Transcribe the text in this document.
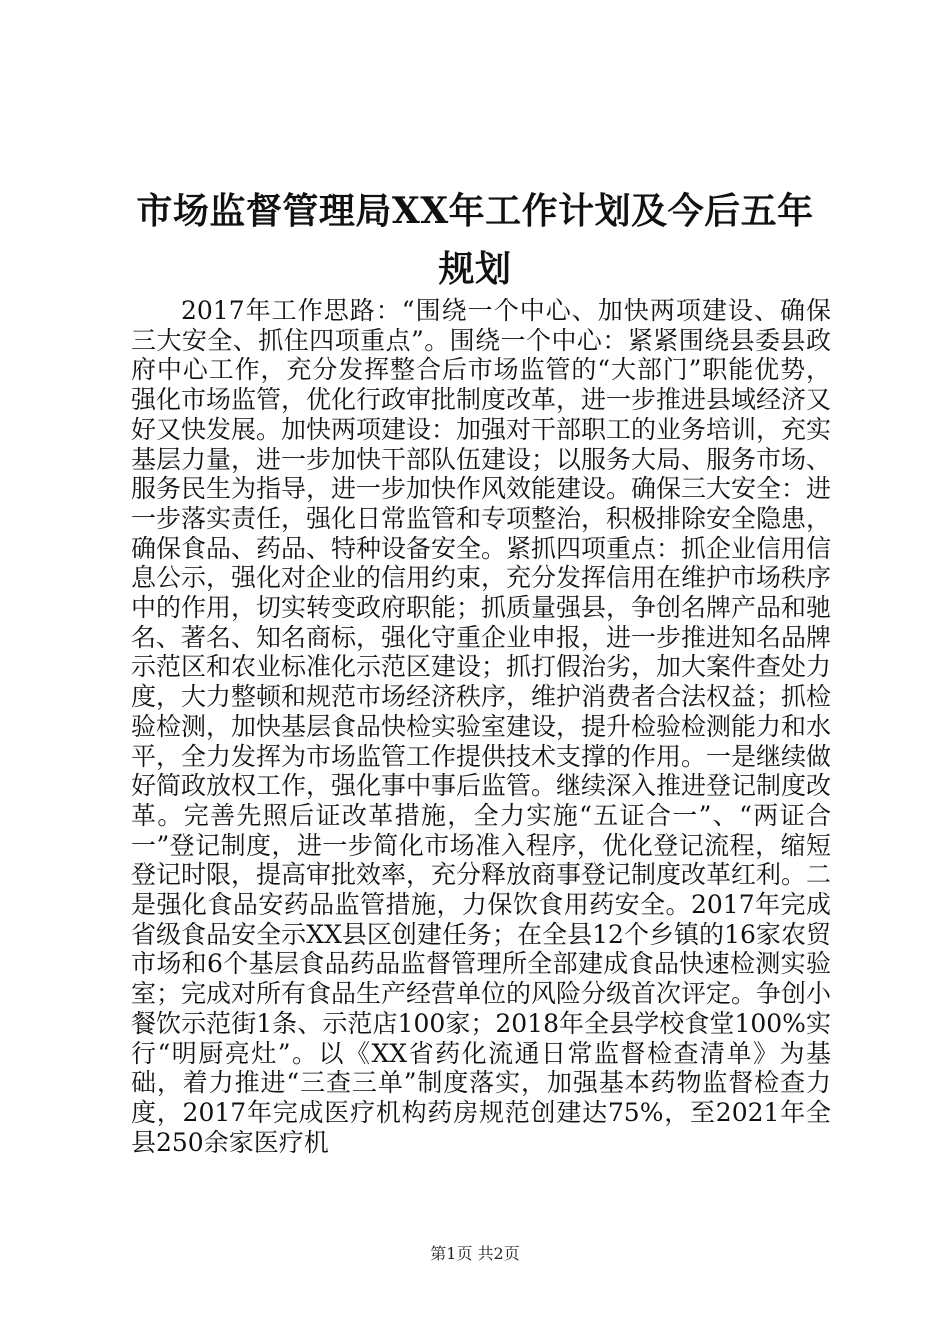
市场监督管理局XX年工作计划及今后五年规划

2017年工作思路：“围绕一个中心、加快两项建设、确保三大安全、抓住四项重点”。围绕一个中心：紧紧围绕县委县政府中心工作，充分发挥整合后市场监管的“大部门”职能优势，强化市场监管，优化行政审批制度改革，进一步推进县域经济又好又快发展。加快两项建设：加强对干部职工的业务培训，充实基层力量，进一步加快干部队伍建设；以服务大局、服务市场、服务民生为指导，进一步加快作风效能建设。确保三大安全：进一步落实责任，强化日常监管和专项整治，积极排除安全隐患，确保食品、药品、特种设备安全。紧抓四项重点：抓企业信用信息公示，强化对企业的信用约束，充分发挥信用在维护市场秩序中的作用，切实转变政府职能；抓质量强县，争创名牌产品和驰名、著名、知名商标，强化守重企业申报，进一步推进知名品牌示范区和农业标准化示范区建设；抓打假治劣，加大案件查处力度，大力整顿和规范市场经济秩序，维护消费者合法权益；抓检验检测，加快基层食品快检实验室建设，提升检验检测能力和水平，全力发挥为市场监管工作提供技术支撑的作用。一是继续做好简政放权工作，强化事中事后监管。继续深入推进登记制度改革。完善先照后证改革措施，全力实施“五证合一”、“两证合一”登记制度，进一步简化市场准入程序，优化登记流程，缩短登记时限，提高审批效率，充分释放商事登记制度改革红利。二是强化食品安药品监管措施，力保饮食用药安全。2017年完成省级食品安全示XX县区创建任务；在全县12个乡镇的16家农贸市场和6个基层食品药品监督管理所全部建成食品快速检测实验室；完成对所有食品生产经营单位的风险分级首次评定。争创小餐饮示范街1条、示范店100家；2018年全县学校食堂100%实行“明厨亮灶”。以《XX省药化流通日常监督检查清单》为基础，着力推进“三查三单”制度落实，加强基本药物监督检查力度，2017年完成医疗机构药房规范创建达75%，至2021年全县250余家医疗机

第1页 共2页
